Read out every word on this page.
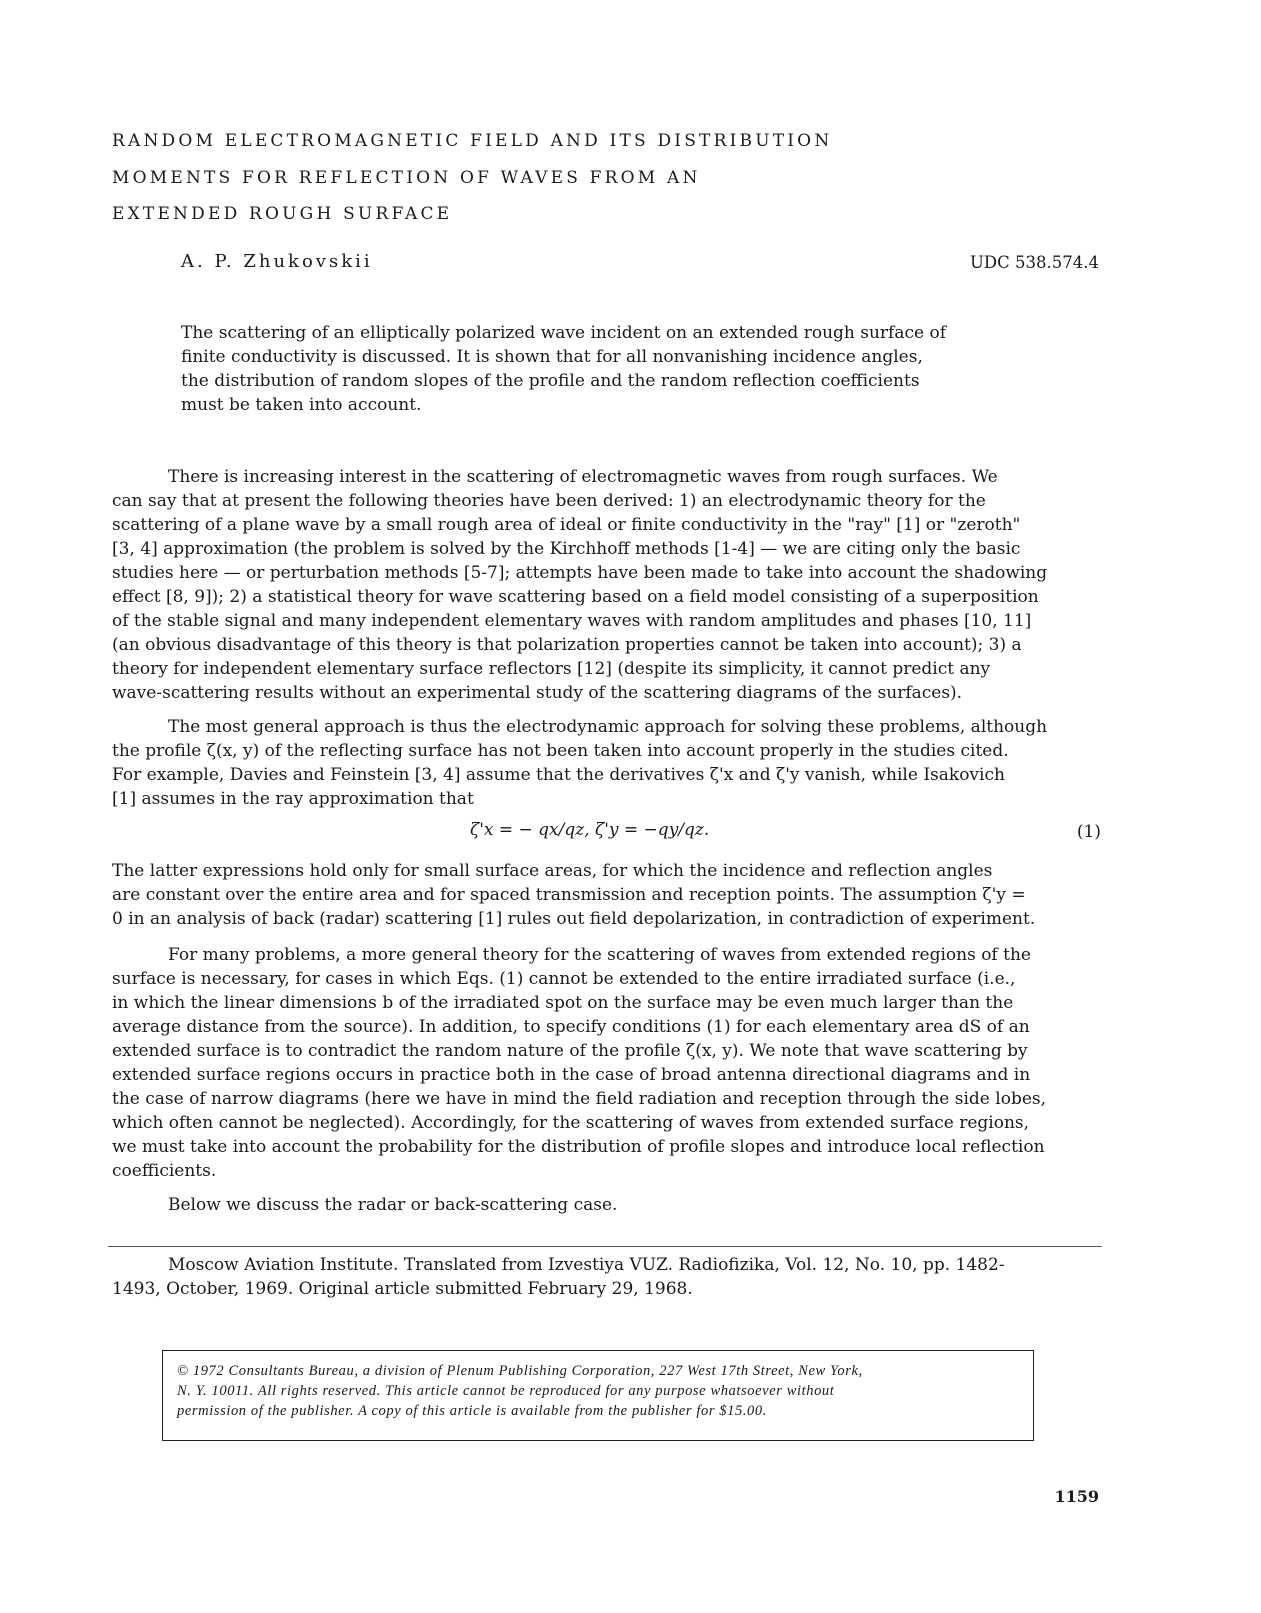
RANDOM ELECTROMAGNETIC FIELD AND ITS DISTRIBUTION
MOMENTS FOR REFLECTION OF WAVES FROM AN
EXTENDED ROUGH SURFACE
A. P. Zhukovskii	UDC 538.574.4
The scattering of an elliptically polarized wave incident on an extended rough surface of
finite conductivity is discussed. It is shown that for all nonvanishing incidence angles,
the distribution of random slopes of the profile and the random reflection coefficients
must be taken into account.
There is increasing interest in the scattering of electromagnetic waves from rough surfaces. We
can say that at present the following theories have been derived: 1) an electrodynamic theory for the
scattering of a plane wave by a small rough area of ideal or finite conductivity in the "ray" [1] or "zeroth"
[3, 4] approximation (the problem is solved by the Kirchhoff methods [1-4] — we are citing only the basic
studies here — or perturbation methods [5-7]; attempts have been made to take into account the shadowing
effect [8, 9]); 2) a statistical theory for wave scattering based on a field model consisting of a superposition
of the stable signal and many independent elementary waves with random amplitudes and phases [10, 11]
(an obvious disadvantage of this theory is that polarization properties cannot be taken into account); 3) a
theory for independent elementary surface reflectors [12] (despite its simplicity, it cannot predict any
wave-scattering results without an experimental study of the scattering diagrams of the surfaces).
The most general approach is thus the electrodynamic approach for solving these problems, although
the profile ζ(x, y) of the reflecting surface has not been taken into account properly in the studies cited.
For example, Davies and Feinstein [3, 4] assume that the derivatives ζ'x and ζ'y vanish, while Isakovich
[1] assumes in the ray approximation that
ζ'x = − qx/qz, ζ'y = −qy/qz.	(1)
The latter expressions hold only for small surface areas, for which the incidence and reflection angles
are constant over the entire area and for spaced transmission and reception points. The assumption ζ'y =
0 in an analysis of back (radar) scattering [1] rules out field depolarization, in contradiction of experiment.
For many problems, a more general theory for the scattering of waves from extended regions of the
surface is necessary, for cases in which Eqs. (1) cannot be extended to the entire irradiated surface (i.e.,
in which the linear dimensions b of the irradiated spot on the surface may be even much larger than the
average distance from the source). In addition, to specify conditions (1) for each elementary area dS of an
extended surface is to contradict the random nature of the profile ζ(x, y). We note that wave scattering by
extended surface regions occurs in practice both in the case of broad antenna directional diagrams and in
the case of narrow diagrams (here we have in mind the field radiation and reception through the side lobes,
which often cannot be neglected). Accordingly, for the scattering of waves from extended surface regions,
we must take into account the probability for the distribution of profile slopes and introduce local reflection
coefficients.
Below we discuss the radar or back-scattering case.
Moscow Aviation Institute. Translated from Izvestiya VUZ. Radiofizika, Vol. 12, No. 10, pp. 1482-
1493, October, 1969. Original article submitted February 29, 1968.
© 1972 Consultants Bureau, a division of Plenum Publishing Corporation, 227 West 17th Street, New York,
N. Y. 10011. All rights reserved. This article cannot be reproduced for any purpose whatsoever without
permission of the publisher. A copy of this article is available from the publisher for $15.00.
1159
